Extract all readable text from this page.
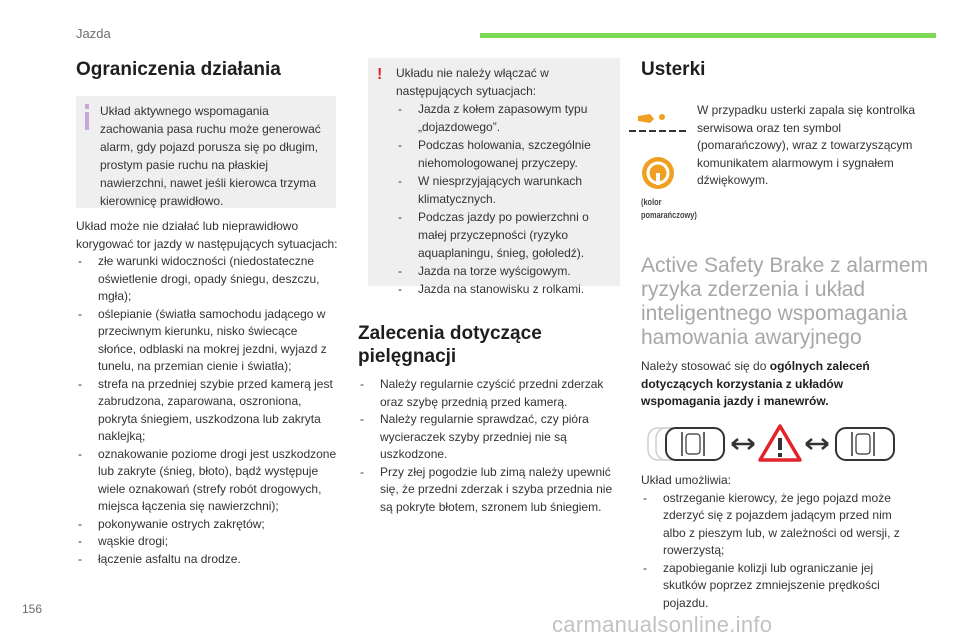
Jazda
Ograniczenia działania
Układ aktywnego wspomagania zachowania pasa ruchu może generować alarm, gdy pojazd porusza się po długim, prostym pasie ruchu na płaskiej nawierzchni, nawet jeśli kierowca trzyma kierownicę prawidłowo.
Układ może nie działać lub nieprawidłowo korygować tor jazdy w następujących sytuacjach:
- złe warunki widoczności (niedostateczne oświetlenie drogi, opady śniegu, deszczu, mgła);
- oślepianie (światła samochodu jadącego w przeciwnym kierunku, nisko świecące słońce, odblaski na mokrej jezdni, wyjazd z tunelu, na przemian cienie i światła);
- strefa na przedniej szybie przed kamerą jest zabrudzona, zaparowana, oszroniona, pokryta śniegiem, uszkodzona lub zakryta naklejką;
- oznakowanie poziome drogi jest uszkodzone lub zakryte (śnieg, błoto), bądź występuje wiele oznakowań (strefy robót drogowych, miejsca łączenia się nawierzchni);
- pokonywanie ostrych zakrętów;
- wąskie drogi;
- łączenie asfaltu na drodze.
! Układu nie należy włączać w następujących sytuacjach:
- Jazda z kołem zapasowym typu „dojazdowego”.
- Podczas holowania, szczególnie niehomologowanej przyczepy.
- W niesprzyjających warunkach klimatycznych.
- Podczas jazdy po powierzchni o małej przyczepności (ryzyko aquaplaningu, śnieg, gołoledź).
- Jazda na torze wyścigowym.
- Jazda na stanowisku z rolkami.
Zalecenia dotyczące
pielęgnacji
- Należy regularnie czyścić przedni zderzak oraz szybę przednią przed kamerą.
- Należy regularnie sprawdzać, czy pióra wycieraczek szyby przedniej nie są uszkodzone.
- Przy złej pogodzie lub zimą należy upewnić się, że przedni zderzak i szyba przednia nie są pokryte błotem, szronem lub śniegiem.
Usterki
(kolor
pomarańczowy)
W przypadku usterki zapala się kontrolka serwisowa oraz ten symbol (pomarańczowy), wraz z towarzyszącym komunikatem alarmowym i sygnałem dźwiękowym.
Active Safety Brake z alarmem
ryzyka zderzenia i układ
inteligentnego wspomagania
hamowania awaryjnego
Należy stosować się do ogólnych zaleceń dotyczących korzystania z układów wspomagania jazdy i manewrów.
Układ umożliwia:
- ostrzeganie kierowcy, że jego pojazd może zderzyć się z pojazdem jadącym przed nim albo z pieszym lub, w zależności od wersji, z rowerzystą;
- zapobieganie kolizji lub ograniczanie jej skutków poprzez zmniejszenie prędkości pojazdu.
156
carmanualsonline.info
